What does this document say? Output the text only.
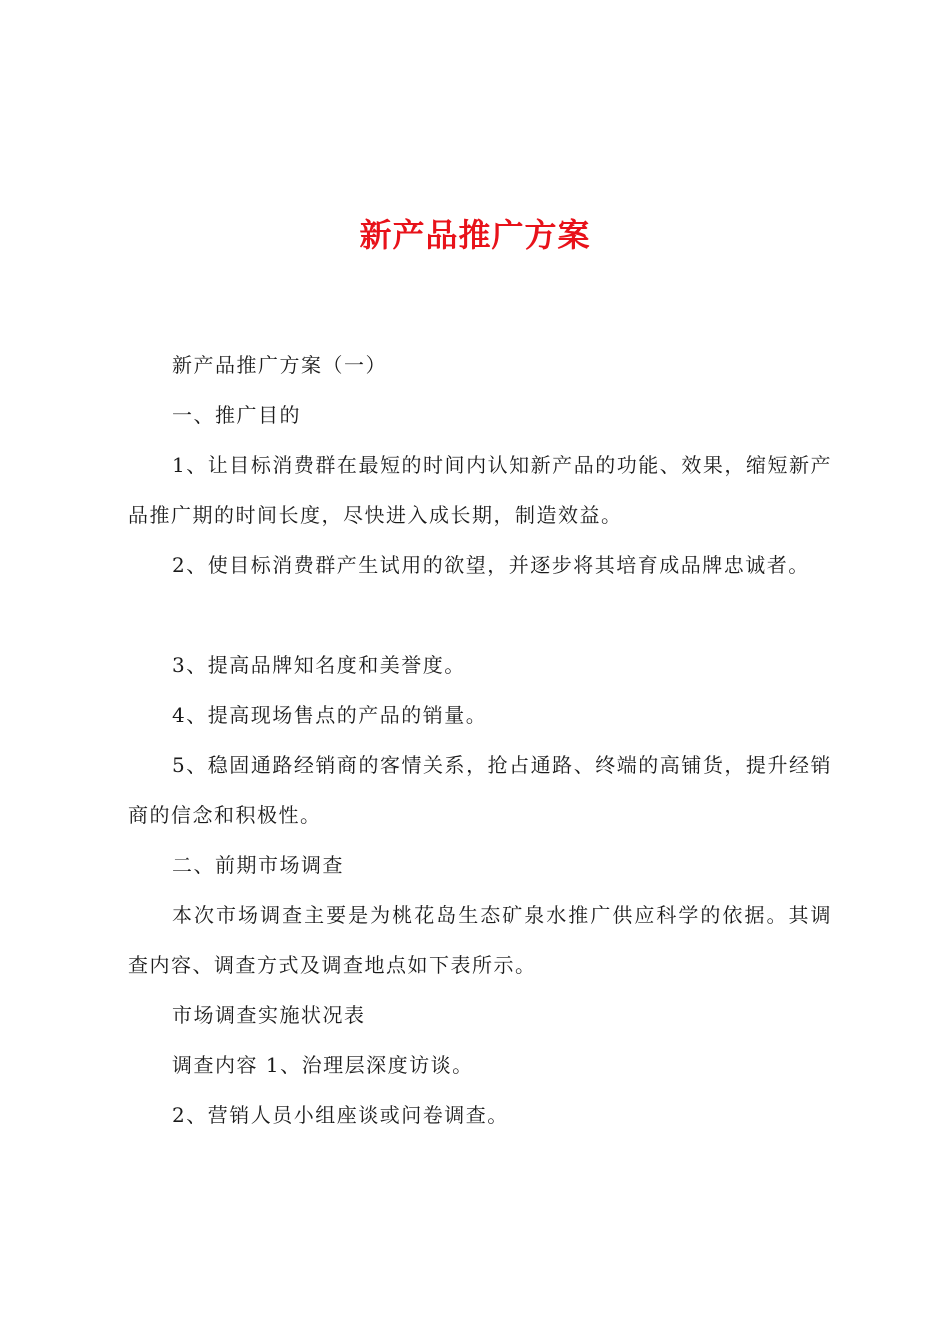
新产品推广方案

新产品推广方案（一）

一、推广目的

1、让目标消费群在最短的时间内认知新产品的功能、效果，缩短新产品推广期的时间长度，尽快进入成长期，制造效益。

2、使目标消费群产生试用的欲望，并逐步将其培育成品牌忠诚者。

3、提高品牌知名度和美誉度。

4、提高现场售点的产品的销量。

5、稳固通路经销商的客情关系，抢占通路、终端的高铺货，提升经销商的信念和积极性。

二、前期市场调查

本次市场调查主要是为桃花岛生态矿泉水推广供应科学的依据。其调查内容、调查方式及调查地点如下表所示。

市场调查实施状况表

调查内容 1、治理层深度访谈。

2、营销人员小组座谈或问卷调查。
